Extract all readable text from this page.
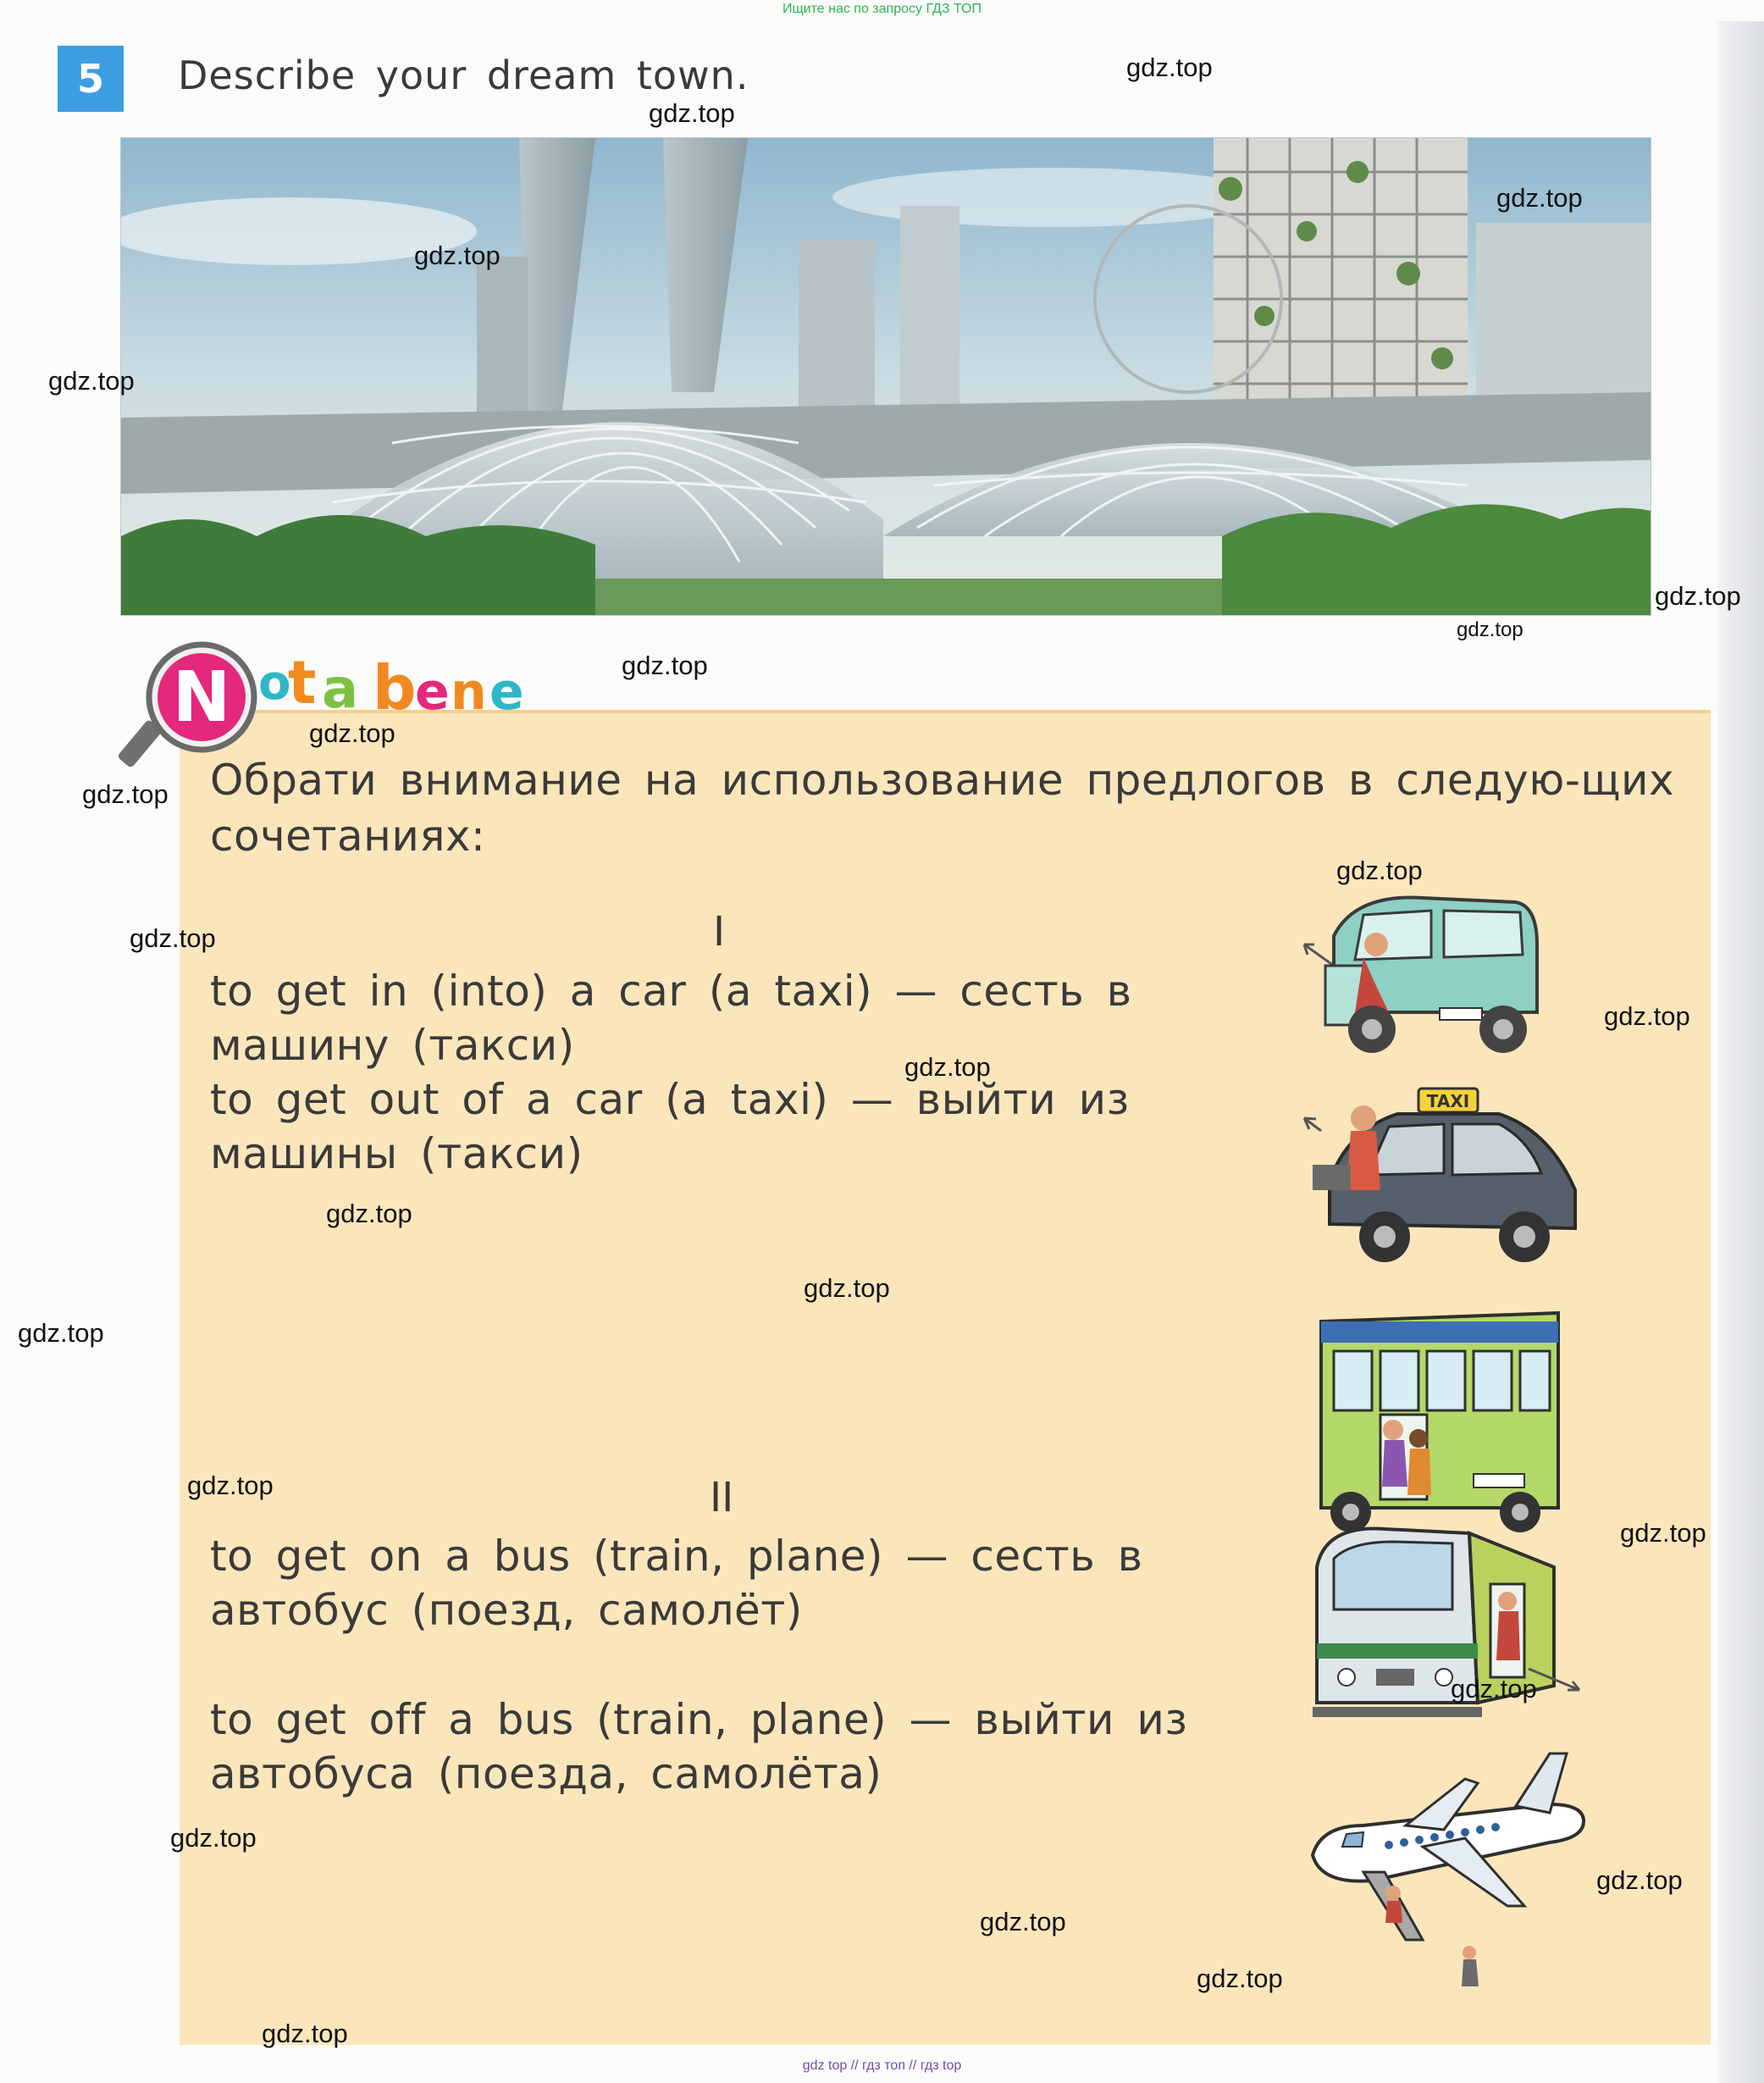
Ищите нас по запросу ГДЗ ТОП
5	Describe your dream town.
N o
t a b
e n e
Обрати внимание на использование предлогов в следую-щих сочетаниях:
I
to get in (into) a car (a taxi) — сесть в машину (такси)
to get out of a car (a taxi) — выйти из машины (такси)
II
to get on a bus (train, plane) — сесть в автобус (поезд, самолёт)
to get off a bus (train, plane) — выйти из автобуса (поезда, самолёта)
TAXI
gdz.top
gdz.top
gdz.top
gdz.top
gdz.top
gdz.top
gdz.top
gdz.top
gdz.top
gdz.top
gdz.top
gdz.top
gdz.top
gdz.top
gdz.top
gdz.top
gdz.top
gdz.top
gdz.top
gdz.top
gdz.top
gdz.top
gdz.top
gdz.top
gdz.top
gdz top // гдз топ // гдз top
